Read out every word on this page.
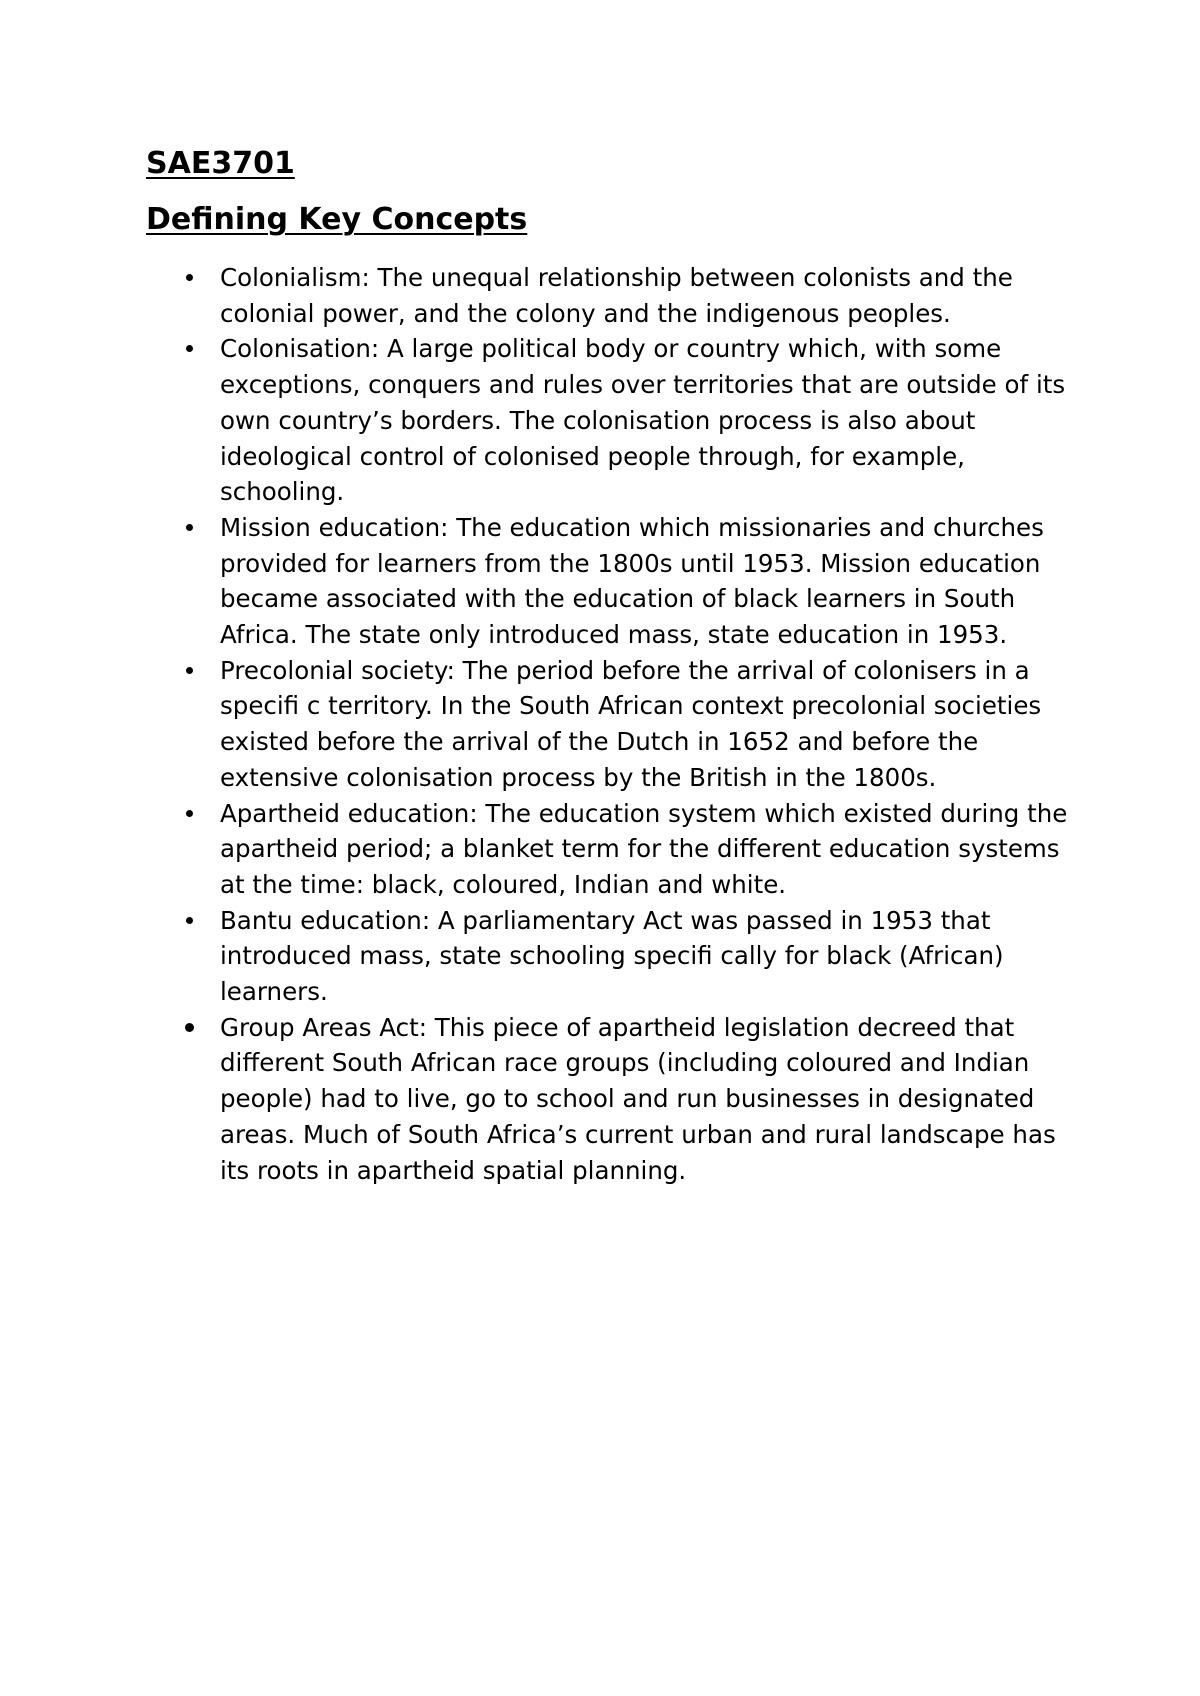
SAE3701
Defining Key Concepts
Colonialism: The unequal relationship between colonists and the colonial power, and the colony and the indigenous peoples.
Colonisation: A large political body or country which, with some exceptions, conquers and rules over territories that are outside of its own country’s borders. The colonisation process is also about ideological control of colonised people through, for example, schooling.
Mission education: The education which missionaries and churches provided for learners from the 1800s until 1953. Mission education became associated with the education of black learners in South Africa. The state only introduced mass, state education in 1953.
Precolonial society: The period before the arrival of colonisers in a specifi c territory. In the South African context precolonial societies existed before the arrival of the Dutch in 1652 and before the extensive colonisation process by the British in the 1800s.
Apartheid education: The education system which existed during the apartheid period; a blanket term for the different education systems at the time: black, coloured, Indian and white.
Bantu education: A parliamentary Act was passed in 1953 that introduced mass, state schooling specifi cally for black (African) learners.
Group Areas Act: This piece of apartheid legislation decreed that different South African race groups (including coloured and Indian people) had to live, go to school and run businesses in designated areas. Much of South Africa’s current urban and rural landscape has its roots in apartheid spatial planning.
